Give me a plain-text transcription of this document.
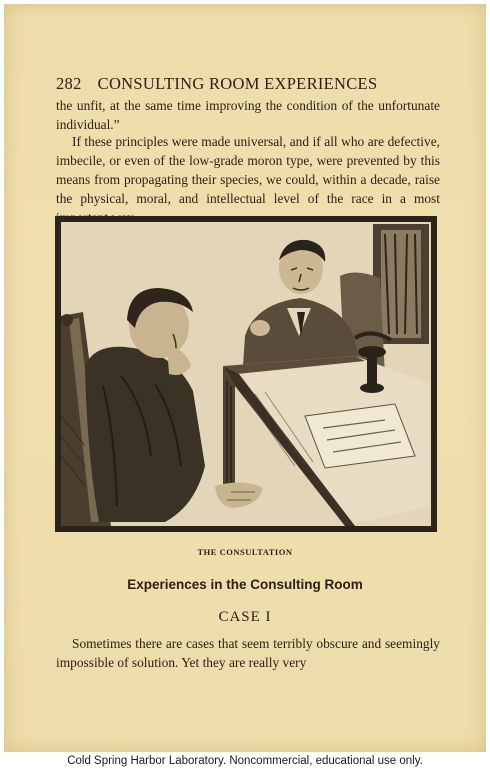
282 CONSULTING ROOM EXPERIENCES
the unfit, at the same time improving the condition of the unfortunate individual.”
If these principles were made universal, and if all who are defective, imbecile, or even of the low-grade moron type, were prevented by this means from propagating their species, we could, within a decade, raise the physical, moral, and intellectual level of the race in a most
THE CONSULTATION
Experiences in the Consulting Room
CASE I
Sometimes there are cases that seem terribly obscure and seemingly impossible of solution. Yet they are really very
Cold Spring Harbor Laboratory. Noncommercial, educational use only.
